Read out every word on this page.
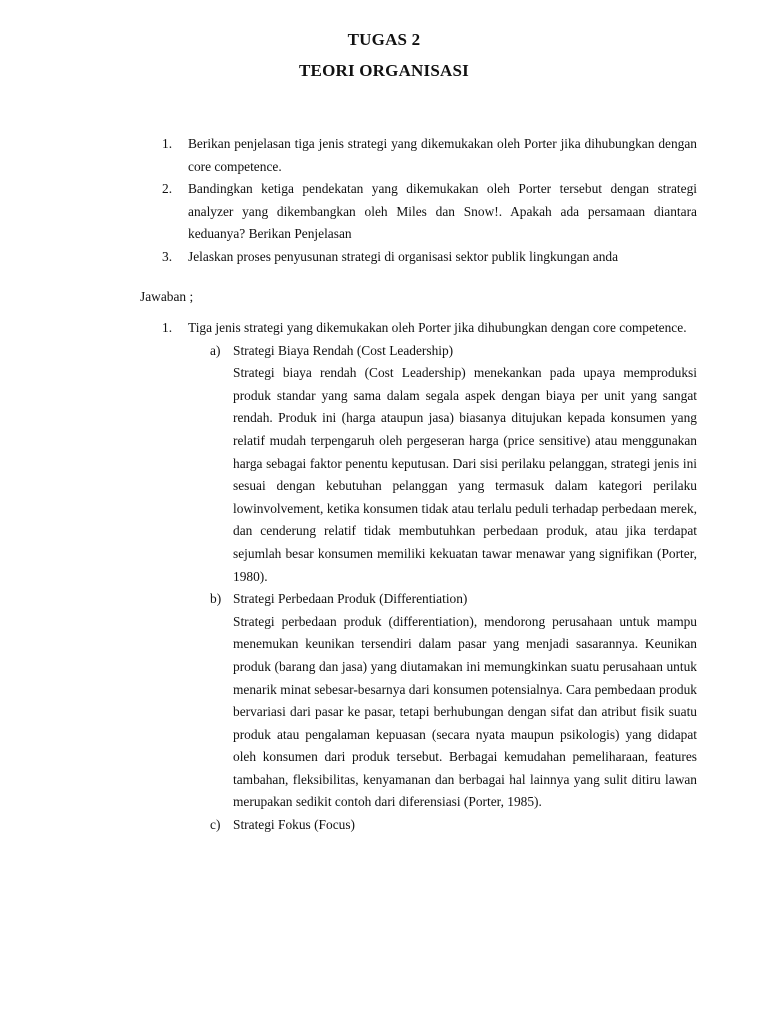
TUGAS 2
TEORI ORGANISASI
1. Berikan penjelasan tiga jenis strategi yang dikemukakan oleh Porter jika dihubungkan dengan core competence.
2. Bandingkan ketiga pendekatan yang dikemukakan oleh Porter tersebut dengan strategi analyzer yang dikembangkan oleh Miles dan Snow!. Apakah ada persamaan diantara keduanya? Berikan Penjelasan
3. Jelaskan proses penyusunan strategi di organisasi sektor publik lingkungan anda
Jawaban ;
1. Tiga jenis strategi yang dikemukakan oleh Porter jika dihubungkan dengan core competence.
a) Strategi Biaya Rendah (Cost Leadership)
Strategi biaya rendah (Cost Leadership) menekankan pada upaya memproduksi produk standar yang sama dalam segala aspek dengan biaya per unit yang sangat rendah. Produk ini (harga ataupun jasa) biasanya ditujukan kepada konsumen yang relatif mudah terpengaruh oleh pergeseran harga (price sensitive) atau menggunakan harga sebagai faktor penentu keputusan. Dari sisi perilaku pelanggan, strategi jenis ini sesuai dengan kebutuhan pelanggan yang termasuk dalam kategori perilaku lowinvolvement, ketika konsumen tidak atau terlalu peduli terhadap perbedaan merek, dan cenderung relatif tidak membutuhkan perbedaan produk, atau jika terdapat sejumlah besar konsumen memiliki kekuatan tawar menawar yang signifikan (Porter, 1980).
b) Strategi Perbedaan Produk (Differentiation)
Strategi perbedaan produk (differentiation), mendorong perusahaan untuk mampu menemukan keunikan tersendiri dalam pasar yang menjadi sasarannya. Keunikan produk (barang dan jasa) yang diutamakan ini memungkinkan suatu perusahaan untuk menarik minat sebesar-besarnya dari konsumen potensialnya. Cara pembedaan produk bervariasi dari pasar ke pasar, tetapi berhubungan dengan sifat dan atribut fisik suatu produk atau pengalaman kepuasan (secara nyata maupun psikologis) yang didapat oleh konsumen dari produk tersebut. Berbagai kemudahan pemeliharaan, features tambahan, fleksibilitas, kenyamanan dan berbagai hal lainnya yang sulit ditiru lawan merupakan sedikit contoh dari diferensiasi (Porter, 1985).
c) Strategi Fokus (Focus)
